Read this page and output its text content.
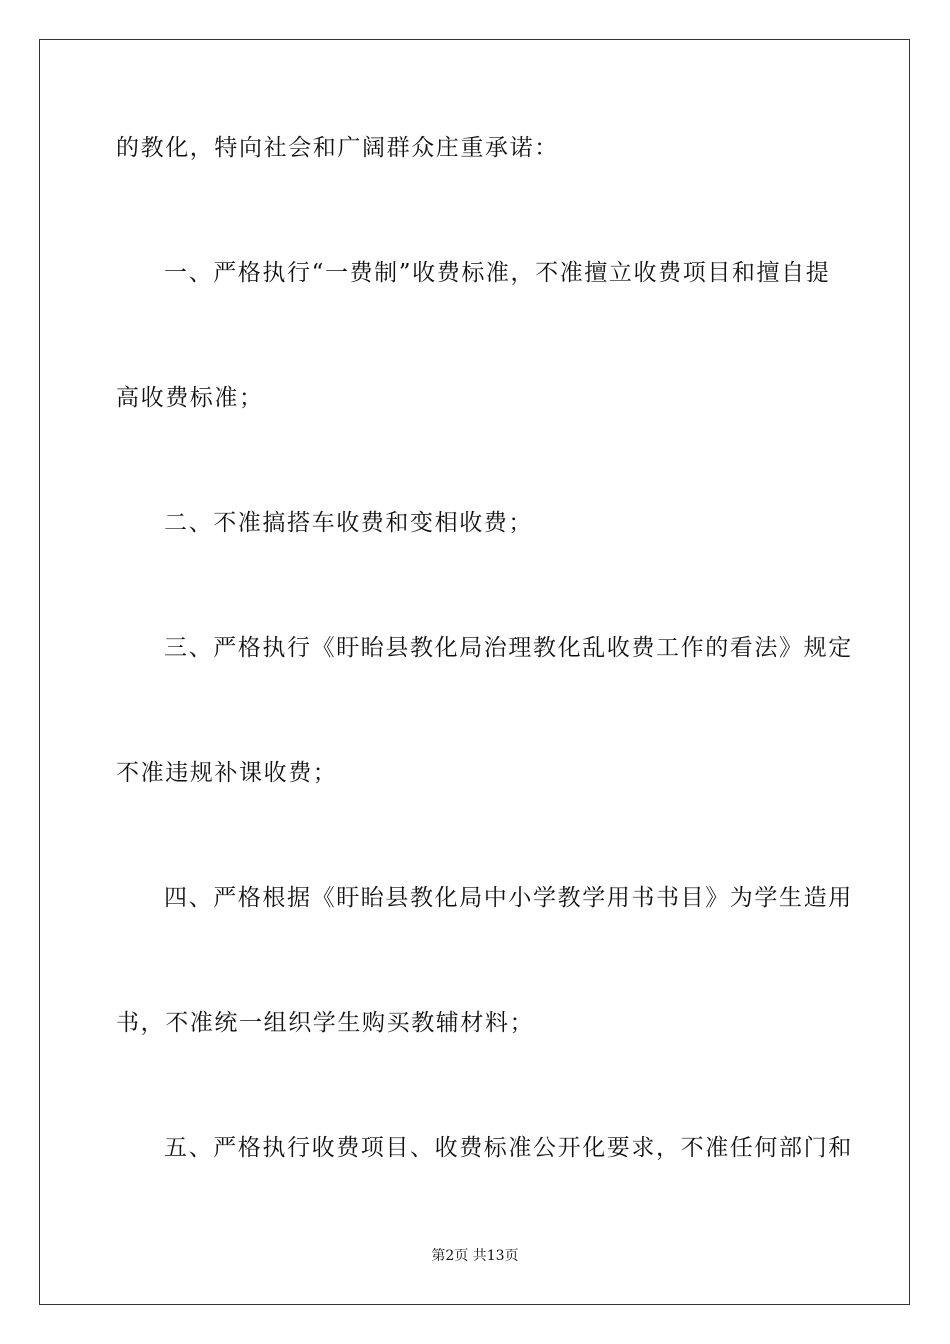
的教化，特向社会和广阔群众庄重承诺：
一、严格执行“一费制”收费标准，不准擅立收费项目和擅自提
高收费标准；
二、不准搞搭车收费和变相收费；
三、严格执行《盱眙县教化局治理教化乱收费工作的看法》规定
不准违规补课收费；
四、严格根据《盱眙县教化局中小学教学用书书目》为学生造用
书，不准统一组织学生购买教辅材料；
五、严格执行收费项目、收费标准公开化要求，不准任何部门和
第2页 共13页
